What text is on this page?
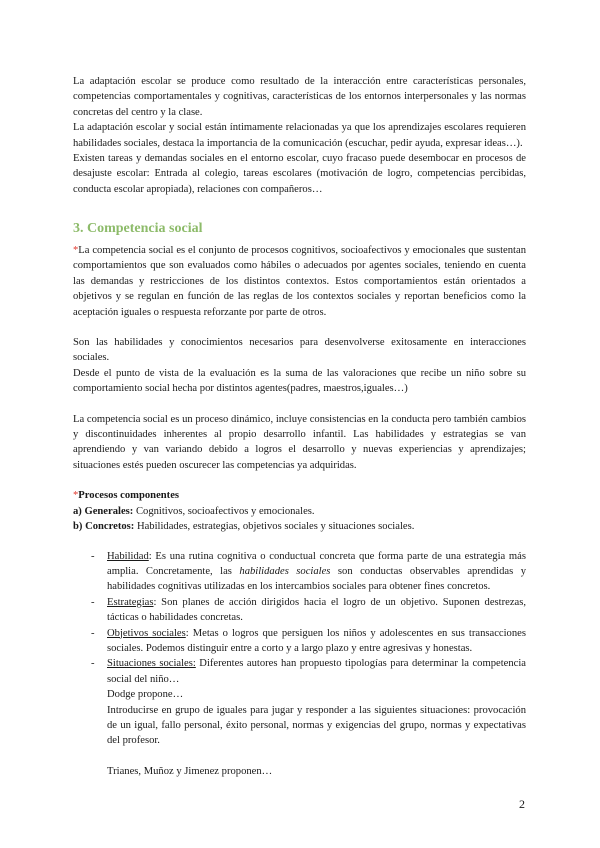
La adaptación escolar se produce como resultado de la interacción entre características personales, competencias comportamentales y cognitivas, características de los entornos interpersonales y las normas concretas del centro y la clase.

La adaptación escolar y social están íntimamente relacionadas ya que los aprendizajes escolares requieren habilidades sociales, destaca la importancia de la comunicación (escuchar, pedir ayuda, expresar ideas…).

Existen tareas y demandas sociales en el entorno escolar, cuyo fracaso puede desembocar en procesos de desajuste escolar: Entrada al colegio, tareas escolares (motivación de logro, competencias percibidas, conducta escolar apropiada), relaciones con compañeros…

3. Competencia social

*La competencia social es el conjunto de procesos cognitivos, socioafectivos y emocionales que sustentan comportamientos que son evaluados como hábiles o adecuados por agentes sociales, teniendo en cuenta las demandas y restricciones de los distintos contextos. Estos comportamientos están orientados a objetivos y se regulan en función de las reglas de los contextos sociales y reportan beneficios como la aceptación iguales o respuesta reforzante por parte de otros.

Son las habilidades y conocimientos necesarios para desenvolverse exitosamente en interacciones sociales.

Desde el punto de vista de la evaluación es la suma de las valoraciones que recibe un niño sobre su comportamiento social hecha por distintos agentes(padres, maestros,iguales…)

La competencia social es un proceso dinámico, incluye consistencias en la conducta pero también cambios y discontinuidades inherentes al propio desarrollo infantil. Las habilidades y estrategias se van aprendiendo y van variando debido a logros el desarrollo y nuevas experiencias y aprendizajes; situaciones estés pueden oscurecer las competencias ya adquiridas.

*Procesos componentes

a) Generales: Cognitivos, socioafectivos y emocionales.

b) Concretos: Habilidades, estrategias, objetivos sociales y situaciones sociales.

- Habilidad: Es una rutina cognitiva o conductual concreta que forma parte de una estrategia más amplia. Concretamente, las habilidades sociales son conductas observables aprendidas y habilidades cognitivas utilizadas en los intercambios sociales para obtener fines concretos.

- Estrategias: Son planes de acción dirigidos hacia el logro de un objetivo. Suponen destrezas, tácticas o habilidades concretas.

- Objetivos sociales: Metas o logros que persiguen los niños y adolescentes en sus transacciones sociales. Podemos distinguir entre a corto y a largo plazo y entre agresivas y honestas.

- Situaciones sociales: Diferentes autores han propuesto tipologías para determinar la competencia social del niño…

Dodge propone…

Introducirse en grupo de iguales para jugar y responder a las siguientes situaciones: provocación de un igual, fallo personal, éxito personal, normas y exigencias del grupo, normas y expectativas del profesor.

Trianes, Muñoz y Jimenez proponen…

2
